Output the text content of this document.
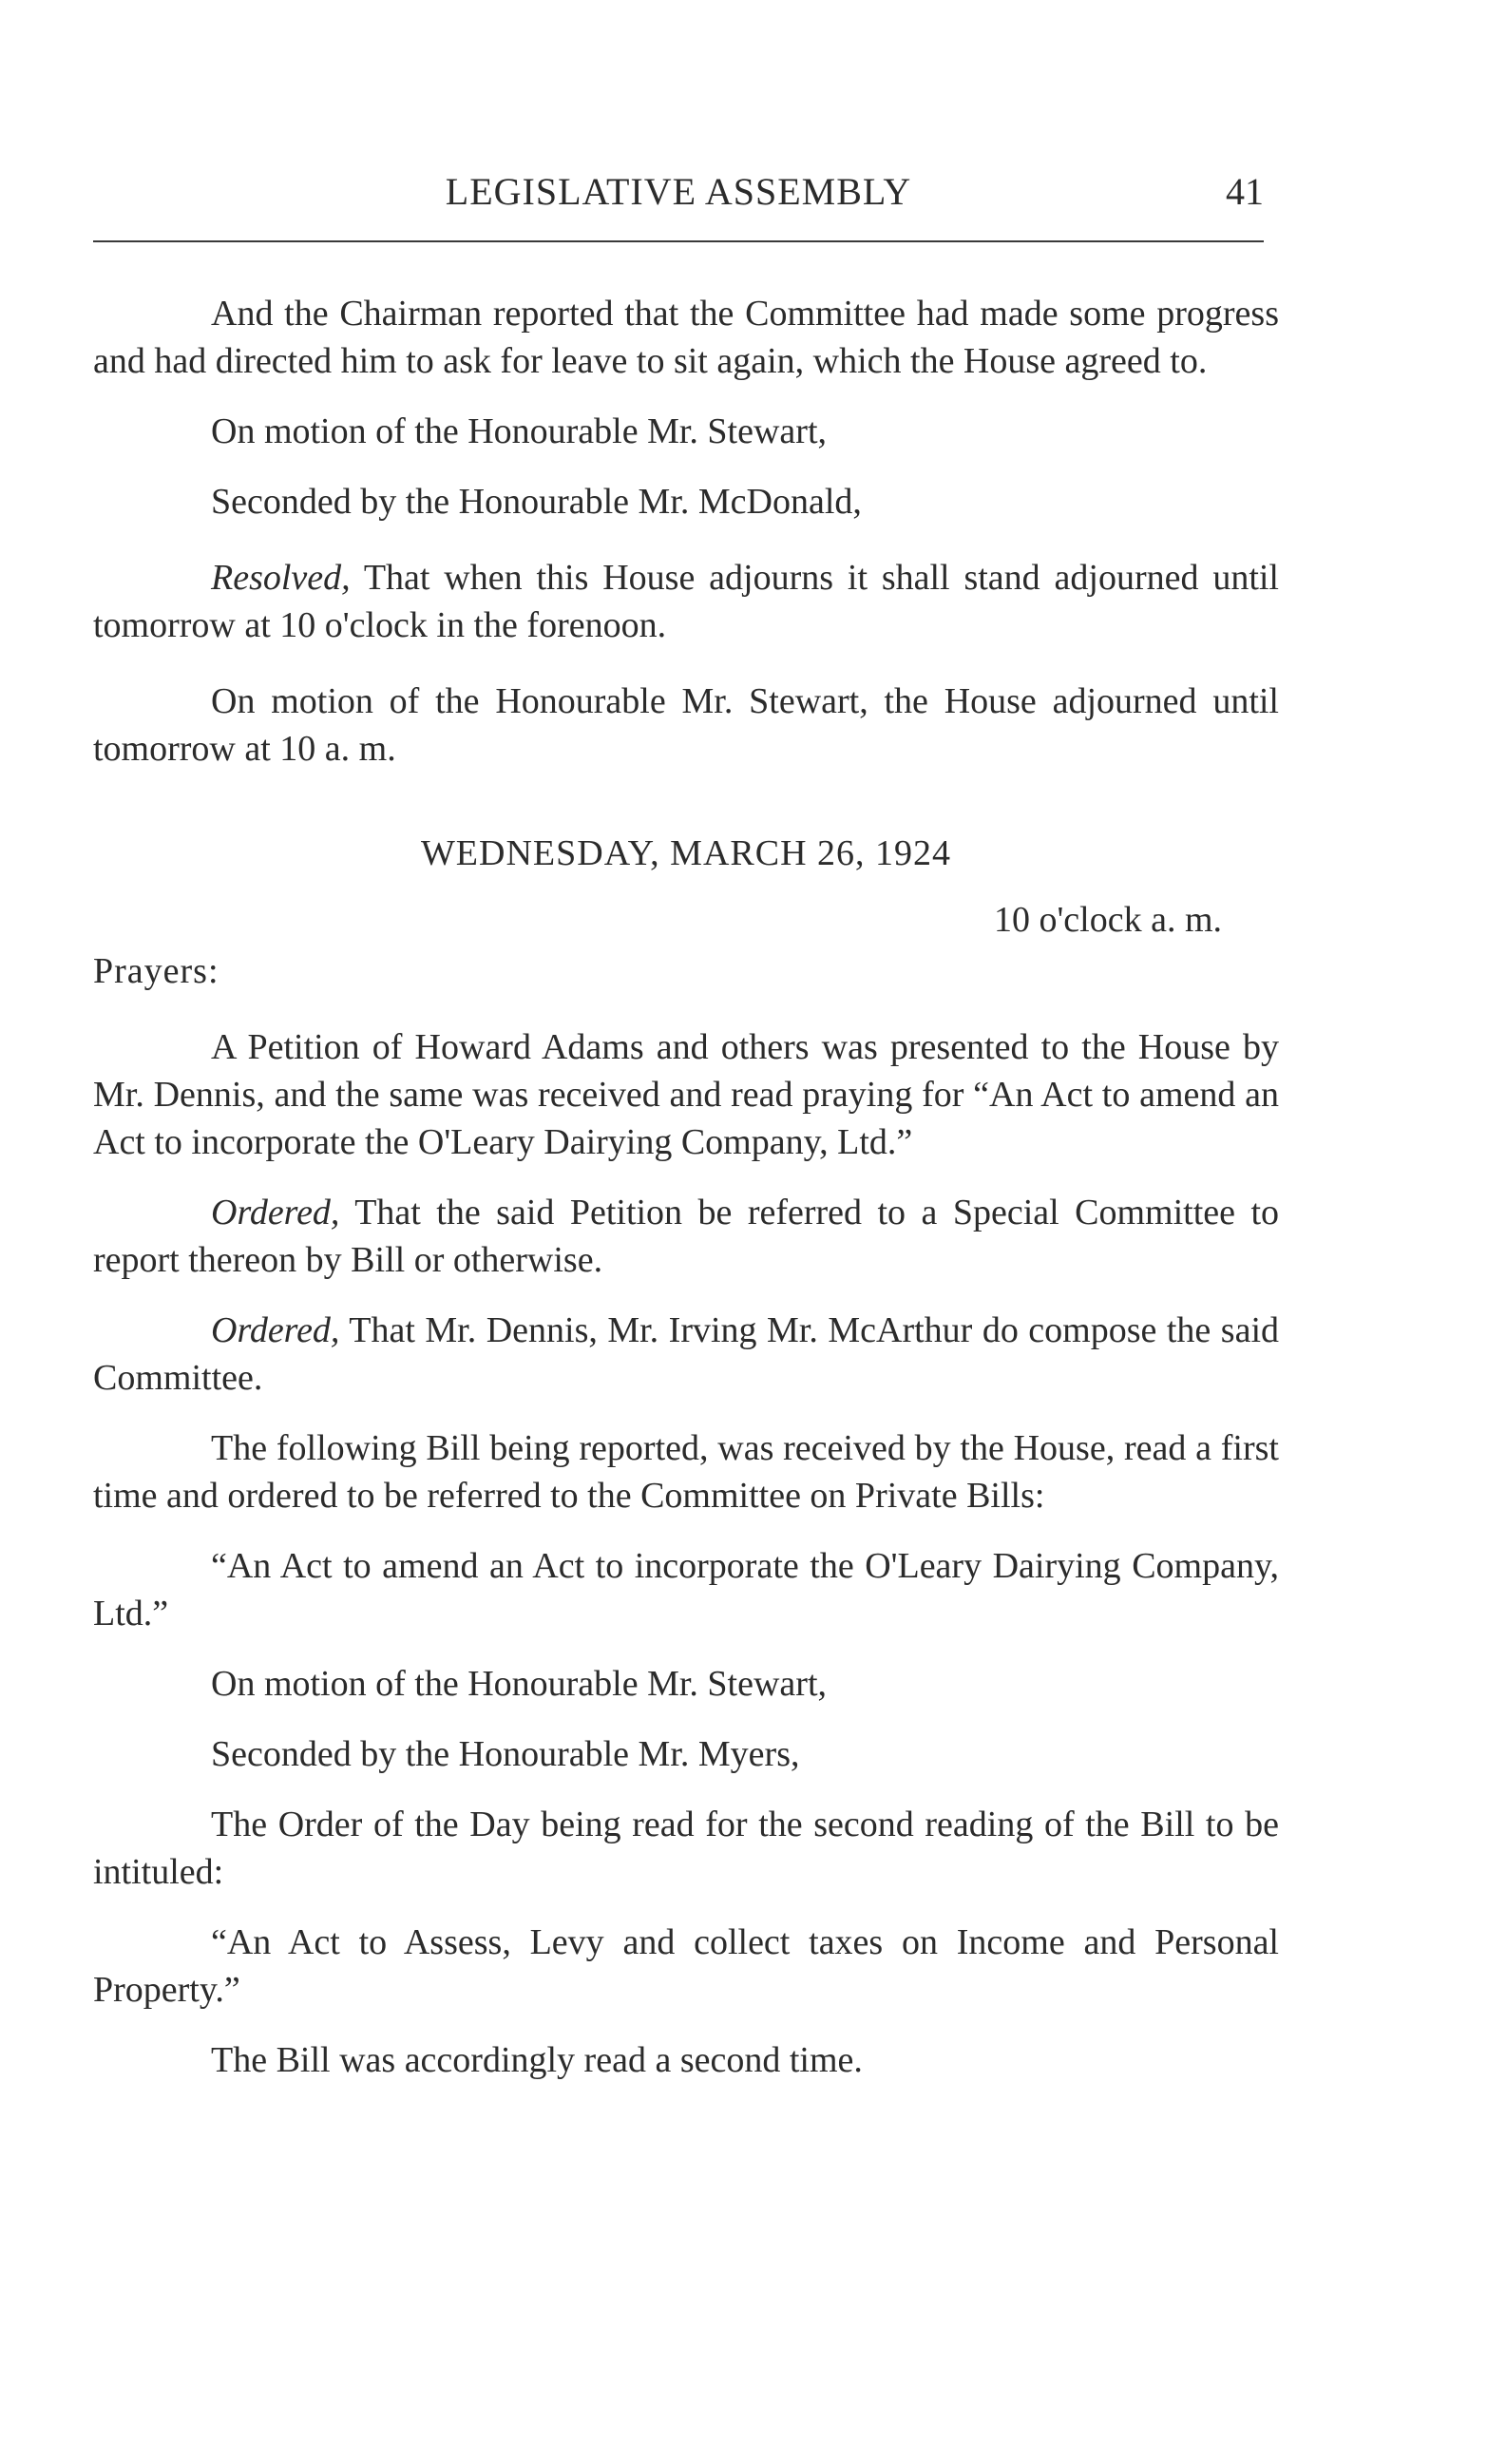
LEGISLATIVE ASSEMBLY	41

And the Chairman reported that the Committee had made some progress and had directed him to ask for leave to sit again, which the House agreed to.

On motion of the Honourable Mr. Stewart,

Seconded by the Honourable Mr. McDonald,

Resolved, That when this House adjourns it shall stand adjourned until tomorrow at 10 o'clock in the forenoon.

On motion of the Honourable Mr. Stewart, the House adjourned until tomorrow at 10 a. m.

WEDNESDAY, MARCH 26, 1924
10 o'clock a. m.
Prayers:

A Petition of Howard Adams and others was presented to the House by Mr. Dennis, and the same was received and read praying for “An Act to amend an Act to incorporate the O'Leary Dairying Company, Ltd.”

Ordered, That the said Petition be referred to a Special Committee to report thereon by Bill or otherwise.

Ordered, That Mr. Dennis, Mr. Irving Mr. McArthur do compose the said Committee.

The following Bill being reported, was received by the House, read a first time and ordered to be referred to the Committee on Private Bills:

“An Act to amend an Act to incorporate the O'Leary Dairying Company, Ltd.”

On motion of the Honourable Mr. Stewart,

Seconded by the Honourable Mr. Myers,

The Order of the Day being read for the second reading of the Bill to be intituled:

“An Act to Assess, Levy and collect taxes on Income and Personal Property.”

The Bill was accordingly read a second time.
